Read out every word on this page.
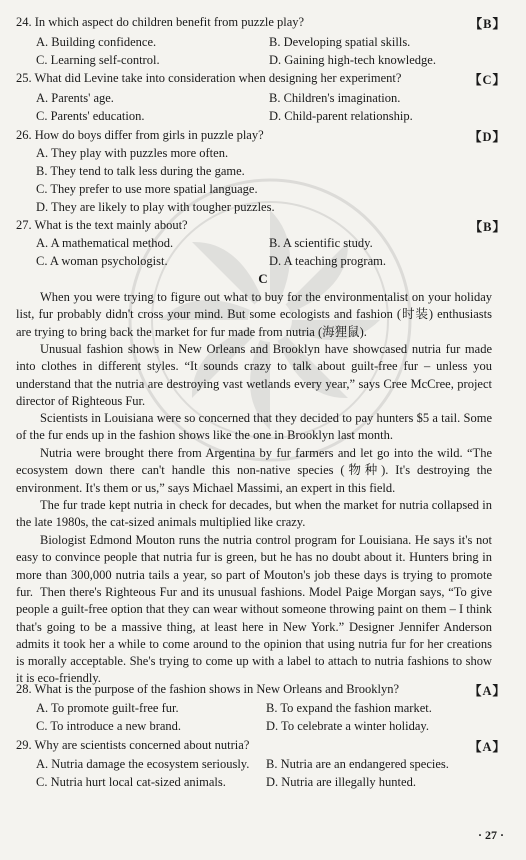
24. In which aspect do children benefit from puzzle play?	【B】
A. Building confidence.	B. Developing spatial skills.
C. Learning self-control.	D. Gaining high-tech knowledge.
25. What did Levine take into consideration when designing her experiment?	【C】
A. Parents' age.	B. Children's imagination.
C. Parents' education.	D. Child-parent relationship.
26. How do boys differ from girls in puzzle play?	【D】
A. They play with puzzles more often.
B. They tend to talk less during the game.
C. They prefer to use more spatial language.
D. They are likely to play with tougher puzzles.
27. What is the text mainly about?	【B】
A. A mathematical method.	B. A scientific study.
C. A woman psychologist.	D. A teaching program.
C
When you were trying to figure out what to buy for the environmentalist on your holiday list, fur probably didn't cross your mind. But some ecologists and fashion (时装) enthusiasts are trying to bring back the market for fur made from nutria (海狸鼠).
Unusual fashion shows in New Orleans and Brooklyn have showcased nutria fur made into clothes in different styles. “It sounds crazy to talk about guilt-free fur – unless you understand that the nutria are destroying vast wetlands every year,” says Cree McCree, project director of Righteous Fur.
Scientists in Louisiana were so concerned that they decided to pay hunters $5 a tail. Some of the fur ends up in the fashion shows like the one in Brooklyn last month.
Nutria were brought there from Argentina by fur farmers and let go into the wild. “The ecosystem down there can't handle this non-native species (物种). It's destroying the environment. It's them or us,” says Michael Massimi, an expert in this field.
The fur trade kept nutria in check for decades, but when the market for nutria collapsed in the late 1980s, the cat-sized animals multiplied like crazy.
Biologist Edmond Mouton runs the nutria control program for Louisiana. He says it's not easy to convince people that nutria fur is green, but he has no doubt about it. Hunters bring in more than 300,000 nutria tails a year, so part of Mouton's job these days is trying to promote fur. Then there's Righteous Fur and its unusual fashions. Model Paige Morgan says, “To give people a guilt-free option that they can wear without someone throwing paint on them – I think that's going to be a massive thing, at least here in New York.” Designer Jennifer Anderson admits it took her a while to come around to the opinion that using nutria fur for her creations is morally acceptable. She's trying to come up with a label to attach to nutria fashions to show it is eco-friendly.
28. What is the purpose of the fashion shows in New Orleans and Brooklyn?	【A】
A. To promote guilt-free fur.	B. To expand the fashion market.
C. To introduce a new brand.	D. To celebrate a winter holiday.
29. Why are scientists concerned about nutria?	【A】
A. Nutria damage the ecosystem seriously. B. Nutria are an endangered species.
C. Nutria hurt local cat-sized animals.	D. Nutria are illegally hunted.
· 27 ·
